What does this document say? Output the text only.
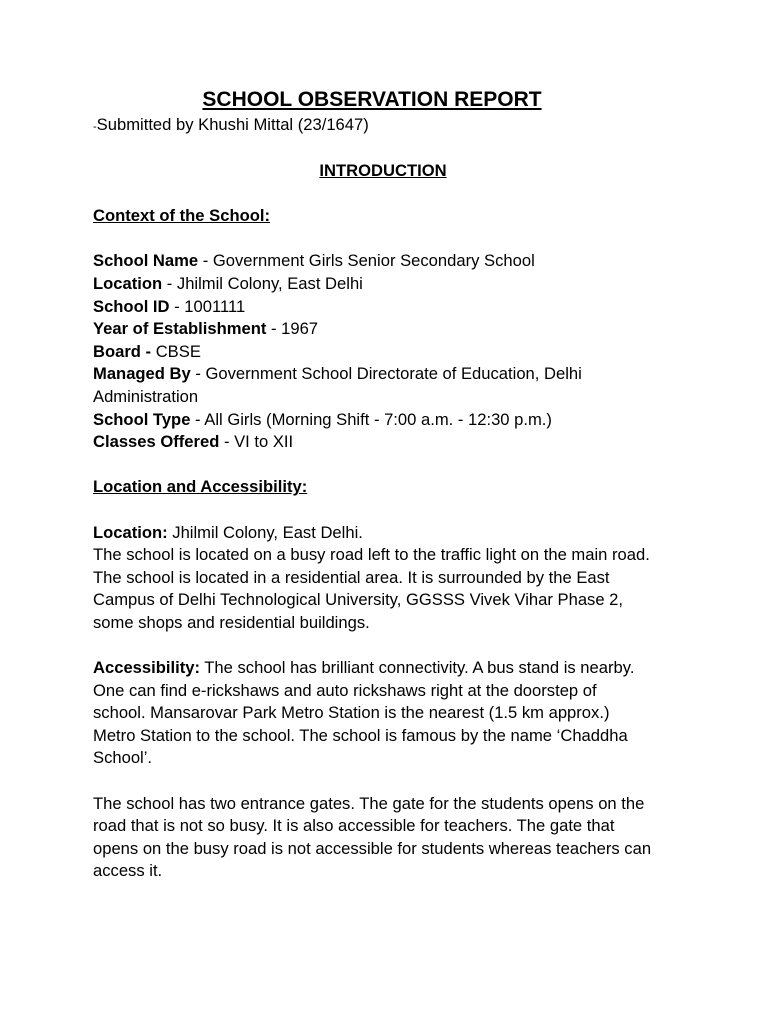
SCHOOL OBSERVATION REPORT

-Submitted by Khushi Mittal (23/1647)

INTRODUCTION

Context of the School:

School Name - Government Girls Senior Secondary School

Location - Jhilmil Colony, East Delhi

School ID - 1001111

Year of Establishment - 1967

Board - CBSE

Managed By - Government School Directorate of Education, Delhi Administration

School Type - All Girls (Morning Shift - 7:00 a.m. - 12:30 p.m.)

Classes Offered - VI to XII

Location and Accessibility:

Location: Jhilmil Colony, East Delhi.

The school is located on a busy road left to the traffic light on the main road.

The school is located in a residential area. It is surrounded by the East Campus of Delhi Technological University, GGSSS Vivek Vihar Phase 2, some shops and residential buildings.

Accessibility: The school has brilliant connectivity. A bus stand is nearby. One can find e-rickshaws and auto rickshaws right at the doorstep of school. Mansarovar Park Metro Station is the nearest (1.5 km approx.) Metro Station to the school. The school is famous by the name ‘Chaddha School’.

The school has two entrance gates. The gate for the students opens on the road that is not so busy. It is also accessible for teachers. The gate that opens on the busy road is not accessible for students whereas teachers can access it.
